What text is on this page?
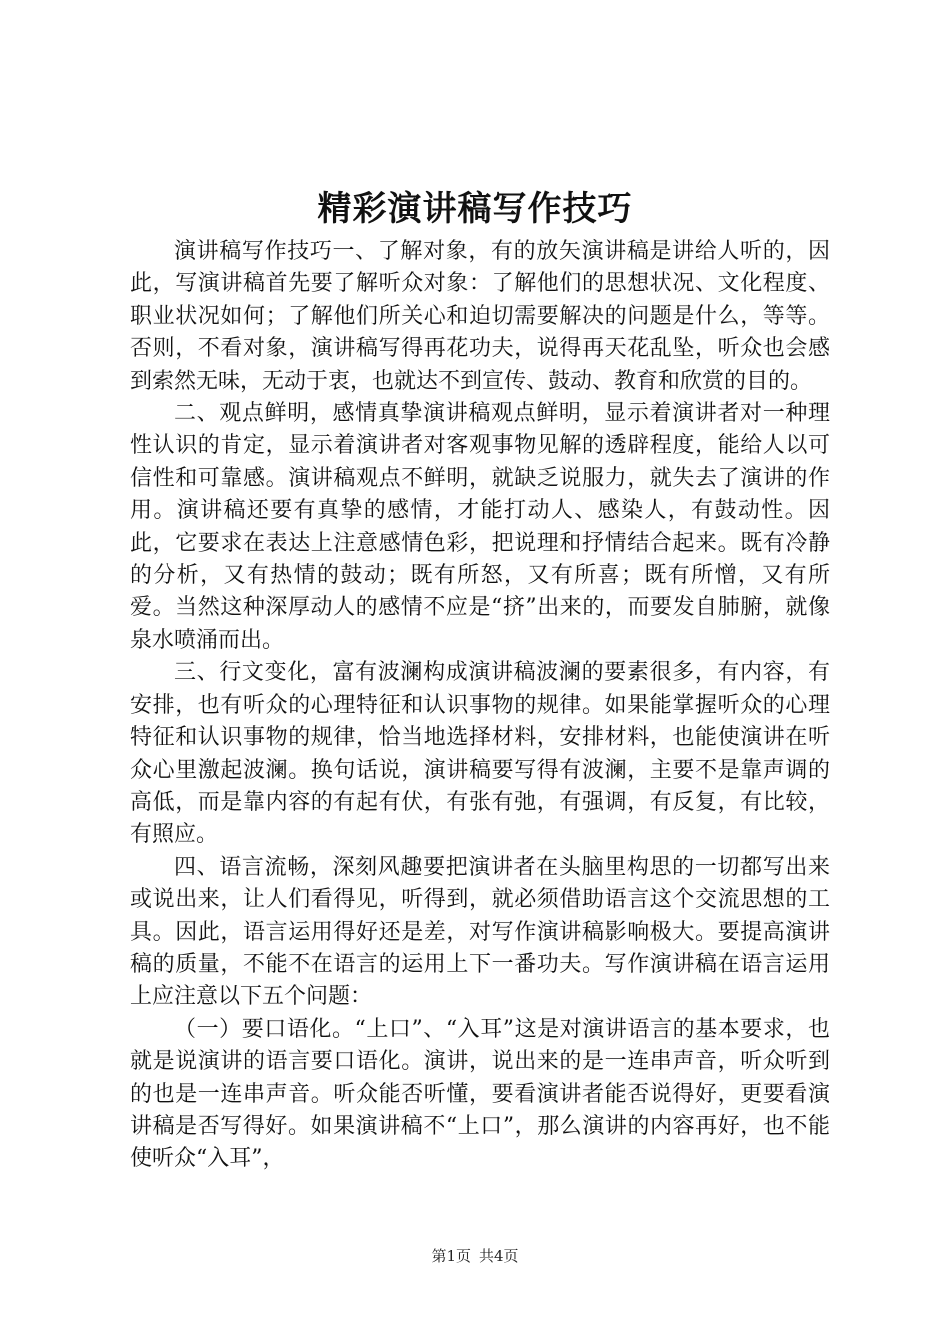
精彩演讲稿写作技巧

演讲稿写作技巧一、了解对象，有的放矢演讲稿是讲给人听的，因此，写演讲稿首先要了解听众对象：了解他们的思想状况、文化程度、职业状况如何；了解他们所关心和迫切需要解决的问题是什么，等等。否则，不看对象，演讲稿写得再花功夫，说得再天花乱坠，听众也会感到索然无味，无动于衷，也就达不到宣传、鼓动、教育和欣赏的目的。

二、观点鲜明，感情真挚演讲稿观点鲜明，显示着演讲者对一种理性认识的肯定，显示着演讲者对客观事物见解的透辟程度，能给人以可信性和可靠感。演讲稿观点不鲜明，就缺乏说服力，就失去了演讲的作用。演讲稿还要有真挚的感情，才能打动人、感染人，有鼓动性。因此，它要求在表达上注意感情色彩，把说理和抒情结合起来。既有冷静的分析，又有热情的鼓动；既有所怒，又有所喜；既有所憎，又有所爱。当然这种深厚动人的感情不应是“挤”出来的，而要发自肺腑，就像泉水喷涌而出。

三、行文变化，富有波澜构成演讲稿波澜的要素很多，有内容，有安排，也有听众的心理特征和认识事物的规律。如果能掌握听众的心理特征和认识事物的规律，恰当地选择材料，安排材料，也能使演讲在听众心里激起波澜。换句话说，演讲稿要写得有波澜，主要不是靠声调的高低，而是靠内容的有起有伏，有张有弛，有强调，有反复，有比较，有照应。

四、语言流畅，深刻风趣要把演讲者在头脑里构思的一切都写出来或说出来，让人们看得见，听得到，就必须借助语言这个交流思想的工具。因此，语言运用得好还是差，对写作演讲稿影响极大。要提高演讲稿的质量，不能不在语言的运用上下一番功夫。写作演讲稿在语言运用上应注意以下五个问题：

（一）要口语化。“上口”、“入耳”这是对演讲语言的基本要求，也就是说演讲的语言要口语化。演讲，说出来的是一连串声音，听众听到的也是一连串声音。听众能否听懂，要看演讲者能否说得好，更要看演讲稿是否写得好。如果演讲稿不“上口”，那么演讲的内容再好，也不能使听众“入耳”，

第1页 共4页
